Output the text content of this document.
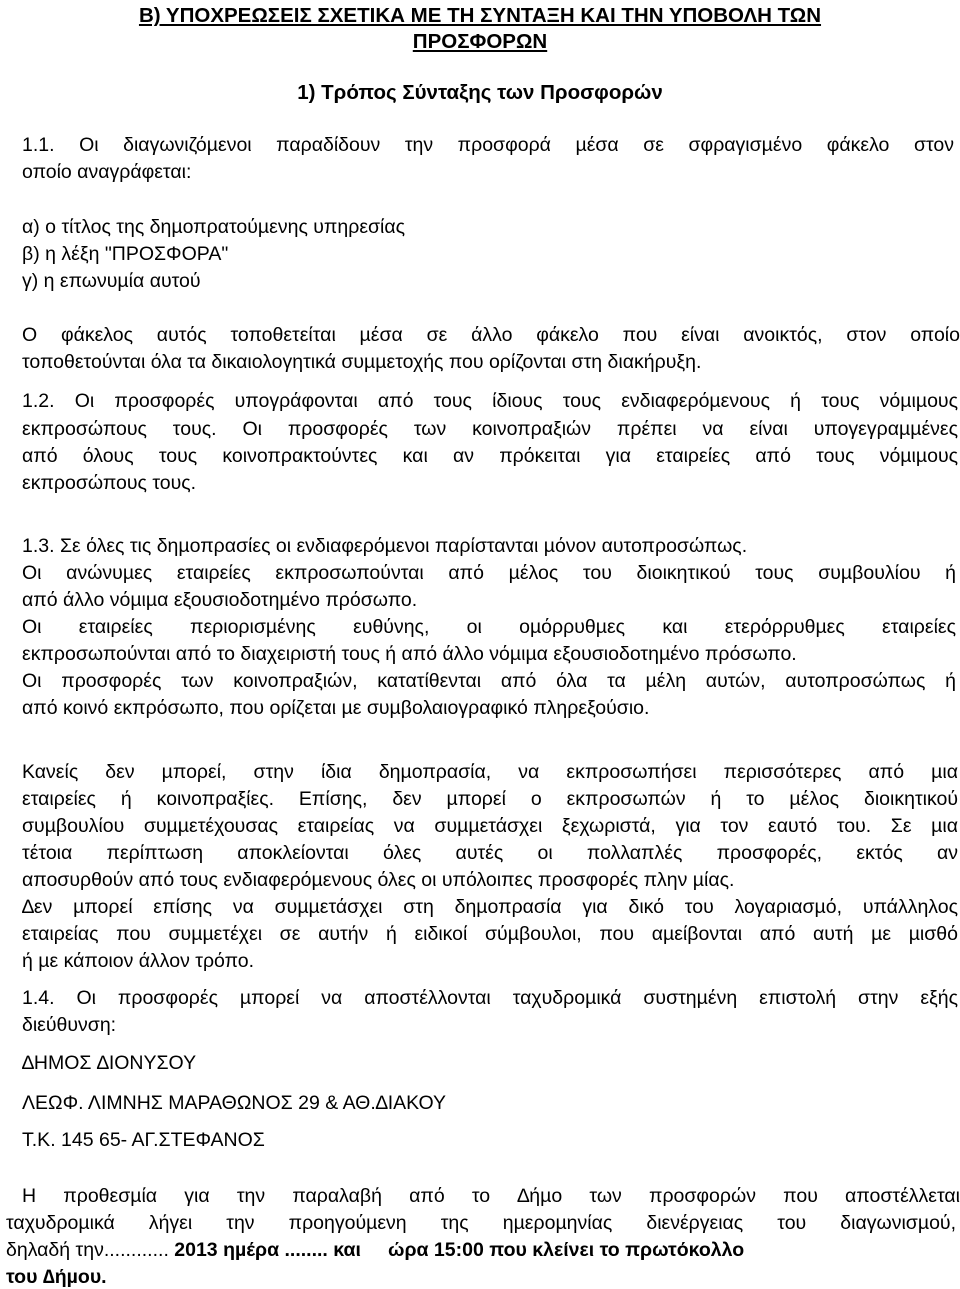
Β) ΥΠΟΧΡΕΩΣΕΙΣ ΣΧΕΤΙΚΑ ΜΕ ΤΗ ΣΥΝΤΑΞΗ ΚΑΙ ΤΗΝ ΥΠΟΒΟΛΗ ΤΩΝ
ΠΡΟΣΦΟΡΩΝ
1) Τρόπος Σύνταξης των Προσφορών
1.1. Οι διαγωνιζόµενοι παραδίδουν την προσφορά µέσα σε σφραγισµένο φάκελο στον
οποίο αναγράφεται:
α) ο τίτλος της δηµοπρατούµενης υπηρεσίας
β) η λέξη "ΠΡΟΣΦΟΡΑ"
γ) η επωνυµία αυτού
Ο φάκελος αυτός τοποθετείται µέσα σε άλλο φάκελο που είναι ανοικτός, στον οποίο
τοποθετούνται όλα τα δικαιολογητικά συµµετοχής που ορίζονται στη διακήρυξη.
1.2. Οι προσφορές υπογράφονται από τους ίδιους τους ενδιαφερόµενους ή τους νόµιµους
εκπροσώπους τους. Οι προσφορές των κοινοπραξιών πρέπει να είναι υπογεγραµµένες
από όλους τους κοινοπρακτούντες και αν πρόκειται για εταιρείες από τους νόµιµους
εκπροσώπους τους.
1.3. Σε όλες τις δηµοπρασίες οι ενδιαφερόµενοι παρίστανται µόνον αυτοπροσώπως.
Οι ανώνυµες εταιρείες εκπροσωπούνται από µέλος του διοικητικού τους συµβουλίου ή
από άλλο νόµιµα εξουσιοδοτηµένο πρόσωπο.
Οι εταιρείες περιορισµένης ευθύνης, οι οµόρρυθµες και ετερόρρυθµες εταιρείες
εκπροσωπούνται από το διαχειριστή τους ή από άλλο νόµιµα εξουσιοδοτηµένο πρόσωπο.
Οι προσφορές των κοινοπραξιών, κατατίθενται από όλα τα µέλη αυτών, αυτοπροσώπως ή
από κοινό εκπρόσωπο, που ορίζεται µε συµβολαιογραφικό πληρεξούσιο.
Κανείς δεν µπορεί, στην ίδια δηµοπρασία, να εκπροσωπήσει περισσότερες από µια
εταιρείες ή κοινοπραξίες. Επίσης, δεν µπορεί ο εκπροσωπών ή το µέλος διοικητικού
συµβουλίου συµµετέχουσας εταιρείας να συµµετάσχει ξεχωριστά, για τον εαυτό του. Σε µια
τέτοια περίπτωση αποκλείονται όλες αυτές οι πολλαπλές προσφορές, εκτός αν
αποσυρθούν από τους ενδιαφερόµενους όλες οι υπόλοιπες προσφορές πλην µίας.
∆εν µπορεί επίσης να συµµετάσχει στη δηµοπρασία για δικό του λογαριασµό, υπάλληλος
εταιρείας που συµµετέχει σε αυτήν ή ειδικοί σύµβουλοι, που αµείβονται από αυτή µε µισθό
ή µε κάποιον άλλον τρόπο.
1.4. Οι προσφορές µπορεί να αποστέλλονται ταχυδροµικά συστηµένη επιστολή στην εξής
διεύθυνση:
∆ΗΜΟΣ ∆ΙΟΝΥΣΟΥ
ΛΕΩΦ. ΛΙΜΝΗΣ ΜΑΡΑΘΩΝΟΣ 29 & ΑΘ.∆ΙΑΚΟΥ
Τ.Κ. 145 65- ΑΓ.ΣΤΕΦΑΝΟΣ
Η προθεσµία για την παραλαβή από το ∆ήµο των προσφορών που αποστέλλεται
ταχυδροµικά λήγει την προηγούµενη της ηµεροµηνίας διενέργειας του διαγωνισµού,
δηλαδή την............ 2013 ηµέρα ........ και     ώρα 15:00 που κλείνει το πρωτόκολλο
του ∆ήµου.
